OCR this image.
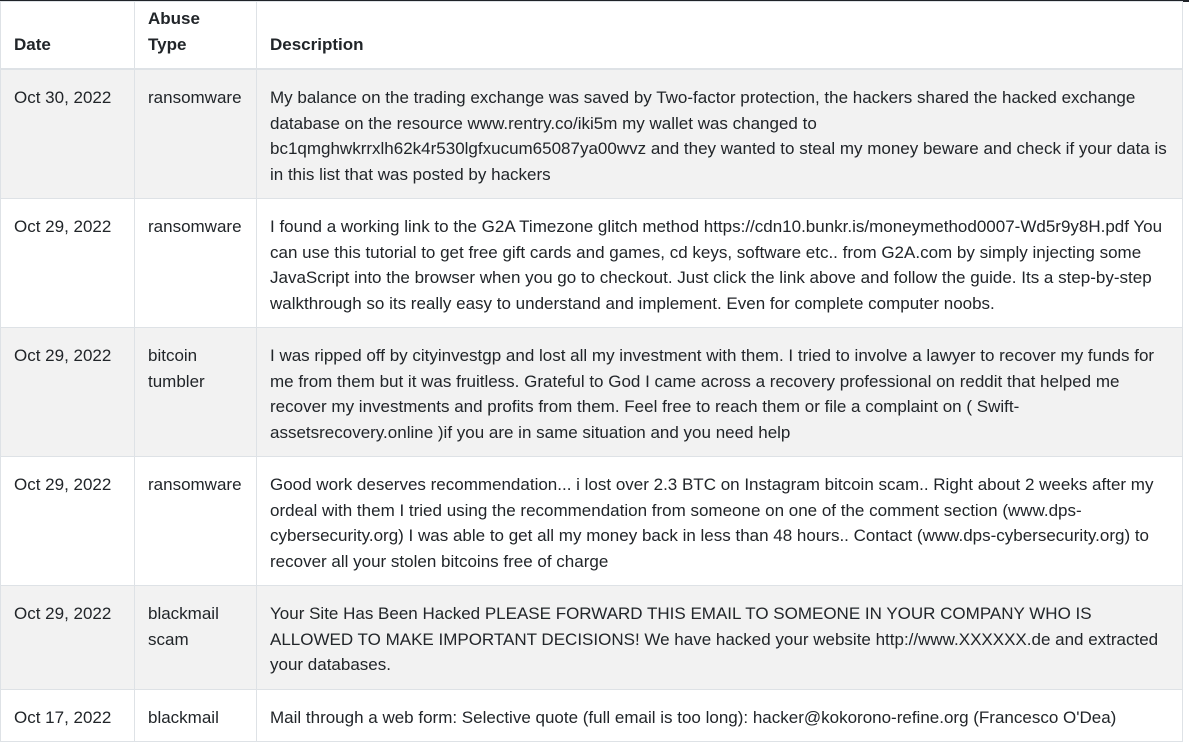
Date	Abuse Type	Description
Oct 30, 2022	ransomware	My balance on the trading exchange was saved by Two-factor protection, the hackers shared the hacked exchange database on the resource www.rentry.co/iki5m my wallet was changed to bc1qmghwkrrxlh62k4r530lgfxucum65087ya00wvz and they wanted to steal my money beware and check if your data is in this list that was posted by hackers
Oct 29, 2022	ransomware	I found a working link to the G2A Timezone glitch method https://cdn10.bunkr.is/moneymethod0007-Wd5r9y8H.pdf You can use this tutorial to get free gift cards and games, cd keys, software etc.. from G2A.com by simply injecting some JavaScript into the browser when you go to checkout. Just click the link above and follow the guide. Its a step-by-step walkthrough so its really easy to understand and implement. Even for complete computer noobs.
Oct 29, 2022	bitcoin tumbler	I was ripped off by cityinvestgp and lost all my investment with them. I tried to involve a lawyer to recover my funds for me from them but it was fruitless. Grateful to God I came across a recovery professional on reddit that helped me recover my investments and profits from them. Feel free to reach them or file a complaint on ( Swift-assetsrecovery.online )if you are in same situation and you need help
Oct 29, 2022	ransomware	Good work deserves recommendation... i lost over 2.3 BTC on Instagram bitcoin scam.. Right about 2 weeks after my ordeal with them I tried using the recommendation from someone on one of the comment section (www.dps-cybersecurity.org) I was able to get all my money back in less than 48 hours.. Contact (www.dps-cybersecurity.org) to recover all your stolen bitcoins free of charge
Oct 29, 2022	blackmail scam	Your Site Has Been Hacked PLEASE FORWARD THIS EMAIL TO SOMEONE IN YOUR COMPANY WHO IS ALLOWED TO MAKE IMPORTANT DECISIONS! We have hacked your website http://www.XXXXXX.de and extracted your databases.
Oct 17, 2022	blackmail	Mail through a web form: Selective quote (full email is too long): hacker@kokorono-refine.org (Francesco O'Dea)
